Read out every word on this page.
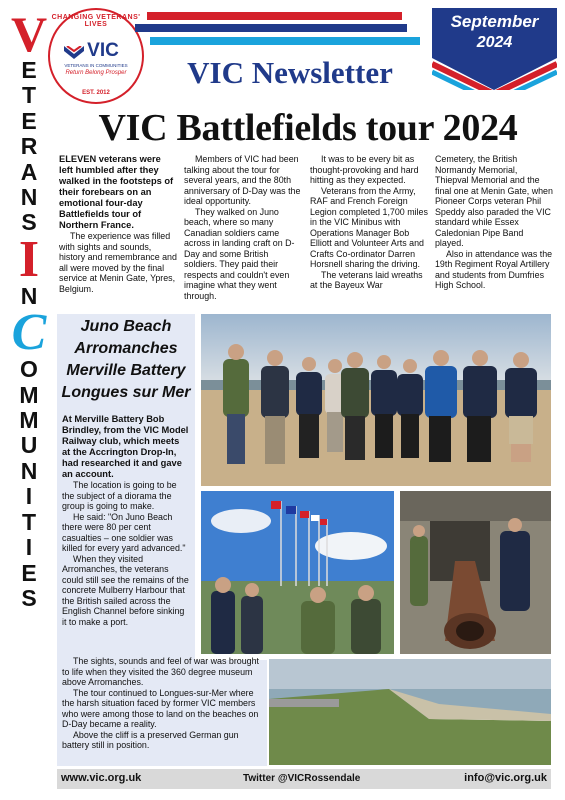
V
E
T
E
R
A
N
S
I
N
C
O
M
M
U
N
I
T
I
E
S
CHANGING VETERANS' LIVES
VIC
VETERANS IN COMMUNITIES
Return Belong Prosper
EST. 2012
September
2024
VIC Newsletter
VIC Battlefields tour 2024

ELEVEN veterans were left humbled after they walked in the footsteps of their forebears on an emotional four-day Battlefields tour of Northern France.

The experience was filled with sights and sounds, history and remembrance and all were moved by the final service at Menin Gate, Ypres, Belgium.

Members of VIC had been talking about the tour for several years, and the 80th anniversary of D-Day was the ideal opportunity.

They walked on Juno beach, where so many Canadian soldiers came across in landing craft on D-Day and some British soldiers. They paid their respects and couldn't even imagine what they went through.

It was to be every bit as thought-provoking and hard hitting as they expected.

Veterans from the Army, RAF and French Foreign Legion completed 1,700 miles in the VIC Minibus with Operations Manager Bob Elliott and Volunteer Arts and Crafts Co-ordinator Darren Horsnell sharing the driving.

The veterans laid wreaths at the Bayeux War

Cemetery, the British Normandy Memorial, Thiepval Memorial and the final one at Menin Gate, when Pioneer Corps veteran Phil Speddy also paraded the VIC standard while Essex Caledonian Pipe Band played.

Also in attendance was the 19th Regiment Royal Artillery and students from Dumfries High School.

Juno Beach
Arromanches
Merville Battery
Longues sur Mer

At Merville Battery Bob Brindley, from the VIC Model Railway club, which meets at the Accrington Drop-In, had researched it and gave an account.

The location is going to be the subject of a diorama the group is going to make.

He said: "On Juno Beach there were 80 per cent casualties – one soldier was killed for every yard advanced."

When they visited Arromanches, the veterans could still see the remains of the concrete Mulberry Harbour that the British sailed across the English Channel before sinking it to make a port.

The sights, sounds and feel of war was brought to life when they visited the 360 degree museum above Arromanches.

The tour continued to Longues-sur-Mer where the harsh situation faced by former VIC members who were among those to land on the beaches on D-Day became a reality.

Above the cliff is a preserved German gun battery still in position.

www.vic.org.uk	Twitter @VICRossendale	info@vic.org.uk
